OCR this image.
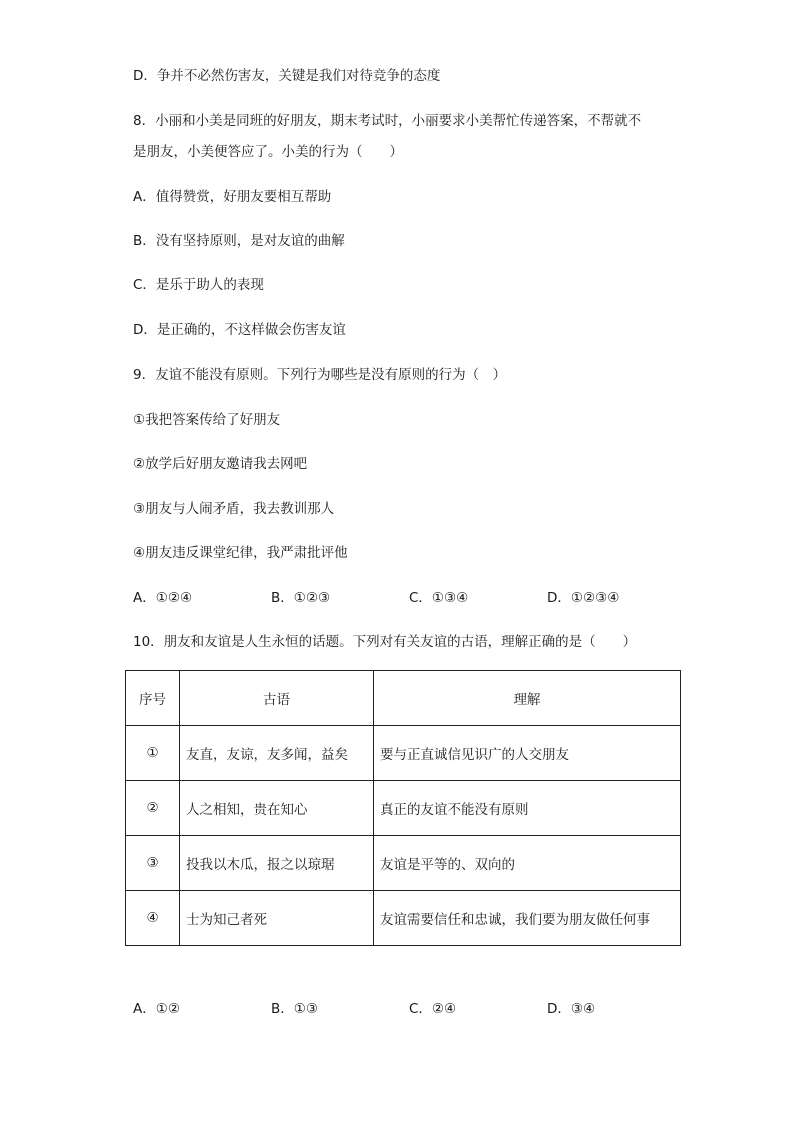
D．争并不必然伤害友，关键是我们对待竞争的态度
8．小丽和小美是同班的好朋友，期末考试时，小丽要求小美帮忙传递答案，不帮就不
是朋友，小美便答应了。小美的行为（　　）
A．值得赞赏，好朋友要相互帮助
B．没有坚持原则，是对友谊的曲解
C．是乐于助人的表现
D．是正确的，不这样做会伤害友谊
9．友谊不能没有原则。下列行为哪些是没有原则的行为（　）
①我把答案传给了好朋友
②放学后好朋友邀请我去网吧
③朋友与人闹矛盾，我去教训那人
④朋友违反课堂纪律，我严肃批评他
A．①②④	B．①②③	C．①③④	D．①②③④
10．朋友和友谊是人生永恒的话题。下列对有关友谊的古语，理解正确的是（　　）
序号	古语	理解
①	友直，友谅，友多闻，益矣	要与正直诚信见识广的人交朋友
②	人之相知，贵在知心	真正的友谊不能没有原则
③	投我以木瓜，报之以琼琚	友谊是平等的、双向的
④	士为知己者死	友谊需要信任和忠诚，我们要为朋友做任何事
A．①②	B．①③	C．②④	D．③④
